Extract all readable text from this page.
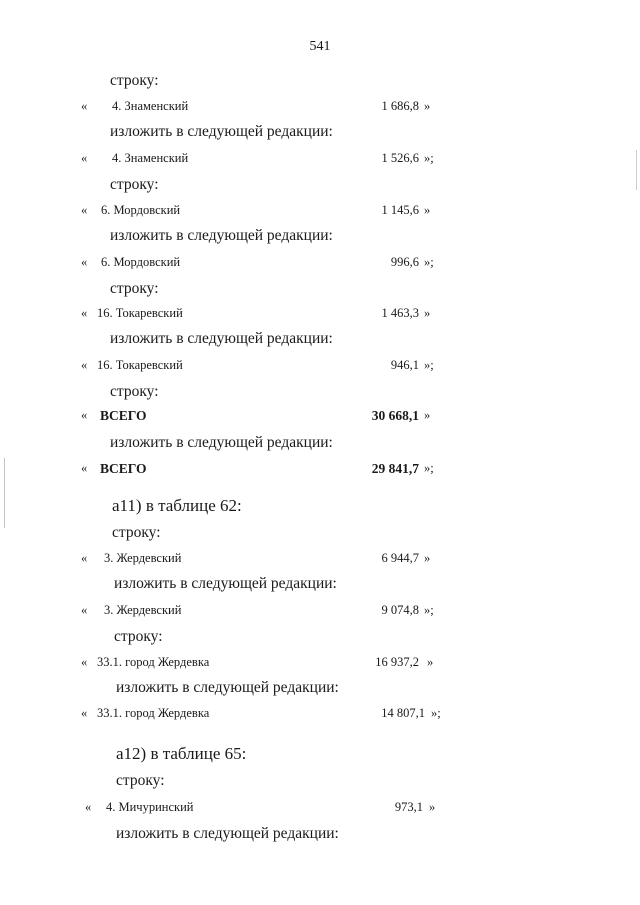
541
строку:
« 4. Знаменский	1 686,8 »
изложить в следующей редакции:
« 4. Знаменский	1 526,6 »;
строку:
« 6. Мордовский	1 145,6 »
изложить в следующей редакции:
« 6. Мордовский	996,6 »;
строку:
« 16. Токаревский	1 463,3 »
изложить в следующей редакции:
« 16. Токаревский	946,1 »;
строку:
« ВСЕГО	30 668,1 »
изложить в следующей редакции:
« ВСЕГО	29 841,7 »;
а11) в таблице 62:
строку:
« 3. Жердевский	6 944,7 »
изложить в следующей редакции:
« 3. Жердевский	9 074,8 »;
строку:
« 33.1. город Жердевка	16 937,2 »
изложить в следующей редакции:
« 33.1. город Жердевка	14 807,1 »;
а12) в таблице 65:
строку:
« 4. Мичуринский	973,1 »
изложить в следующей редакции:
